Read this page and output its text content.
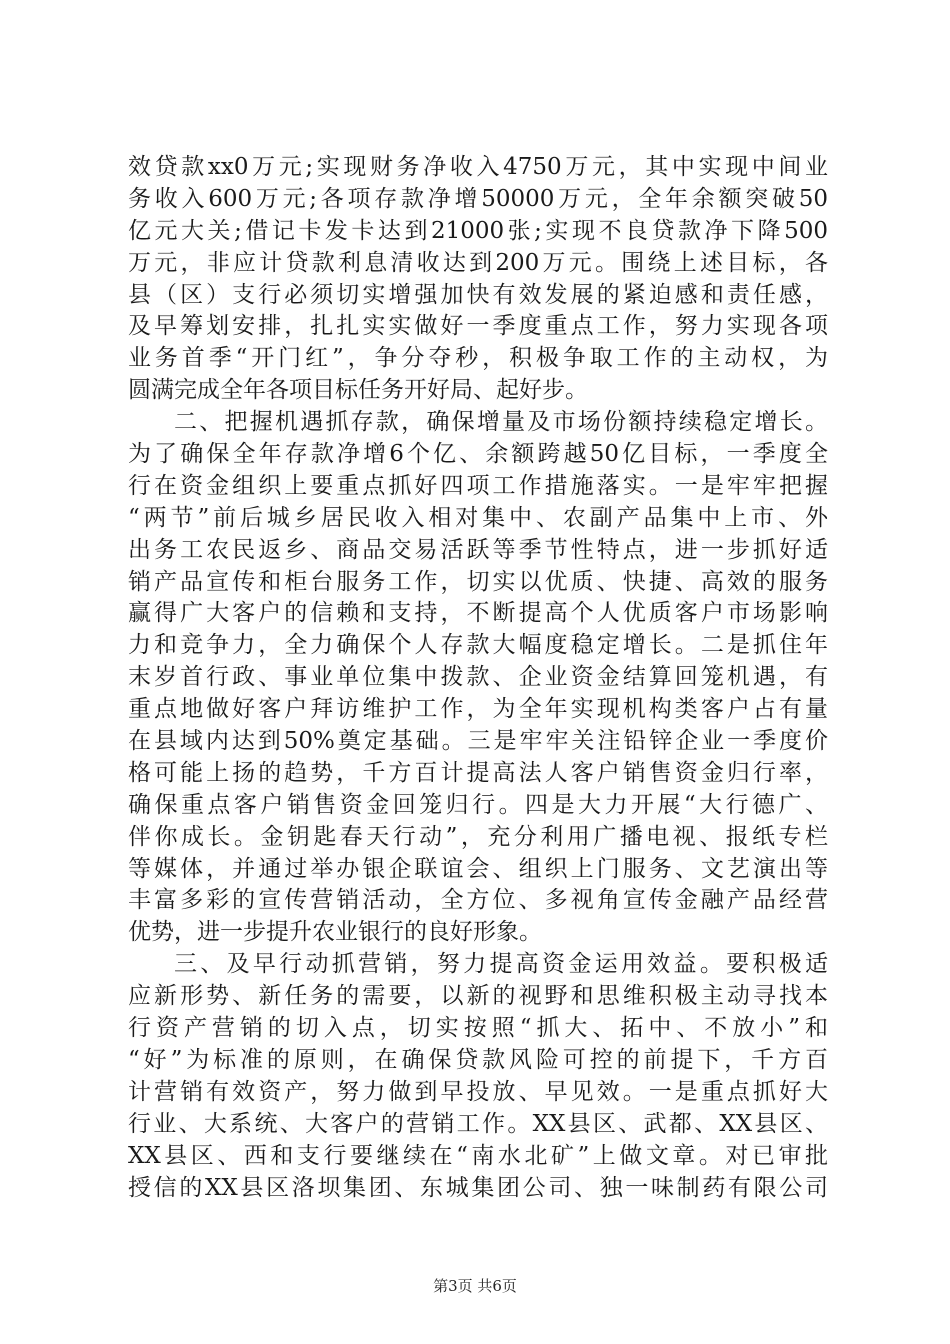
效贷款xx0万元;实现财务净收入4750万元，其中实现中间业
务收入600万元;各项存款净增50000万元，全年余额突破50
亿元大关;借记卡发卡达到21000张;实现不良贷款净下降500
万元，非应计贷款利息清收达到200万元。围绕上述目标，各
县（区）支行必须切实增强加快有效发展的紧迫感和责任感，
及早筹划安排，扎扎实实做好一季度重点工作，努力实现各项
业务首季“开门红”，争分夺秒，积极争取工作的主动权，为
圆满完成全年各项目标任务开好局、起好步。
二、把握机遇抓存款，确保增量及市场份额持续稳定增长。
为了确保全年存款净增6个亿、余额跨越50亿目标，一季度全
行在资金组织上要重点抓好四项工作措施落实。一是牢牢把握
“两节”前后城乡居民收入相对集中、农副产品集中上市、外
出务工农民返乡、商品交易活跃等季节性特点，进一步抓好适
销产品宣传和柜台服务工作，切实以优质、快捷、高效的服务
赢得广大客户的信赖和支持，不断提高个人优质客户市场影响
力和竞争力，全力确保个人存款大幅度稳定增长。二是抓住年
末岁首行政、事业单位集中拨款、企业资金结算回笼机遇，有
重点地做好客户拜访维护工作，为全年实现机构类客户占有量
在县域内达到50%奠定基础。三是牢牢关注铅锌企业一季度价
格可能上扬的趋势，千方百计提高法人客户销售资金归行率，
确保重点客户销售资金回笼归行。四是大力开展“大行德广、
伴你成长。金钥匙春天行动”，充分利用广播电视、报纸专栏
等媒体，并通过举办银企联谊会、组织上门服务、文艺演出等
丰富多彩的宣传营销活动，全方位、多视角宣传金融产品经营
优势，进一步提升农业银行的良好形象。
三、及早行动抓营销，努力提高资金运用效益。要积极适
应新形势、新任务的需要，以新的视野和思维积极主动寻找本
行资产营销的切入点，切实按照“抓大、拓中、不放小”和
“好”为标准的原则，在确保贷款风险可控的前提下，千方百
计营销有效资产，努力做到早投放、早见效。一是重点抓好大
行业、大系统、大客户的营销工作。XX县区、武都、XX县区、
XX县区、西和支行要继续在“南水北矿”上做文章。对已审批
授信的XX县区洛坝集团、东城集团公司、独一味制药有限公司
第3页 共6页
